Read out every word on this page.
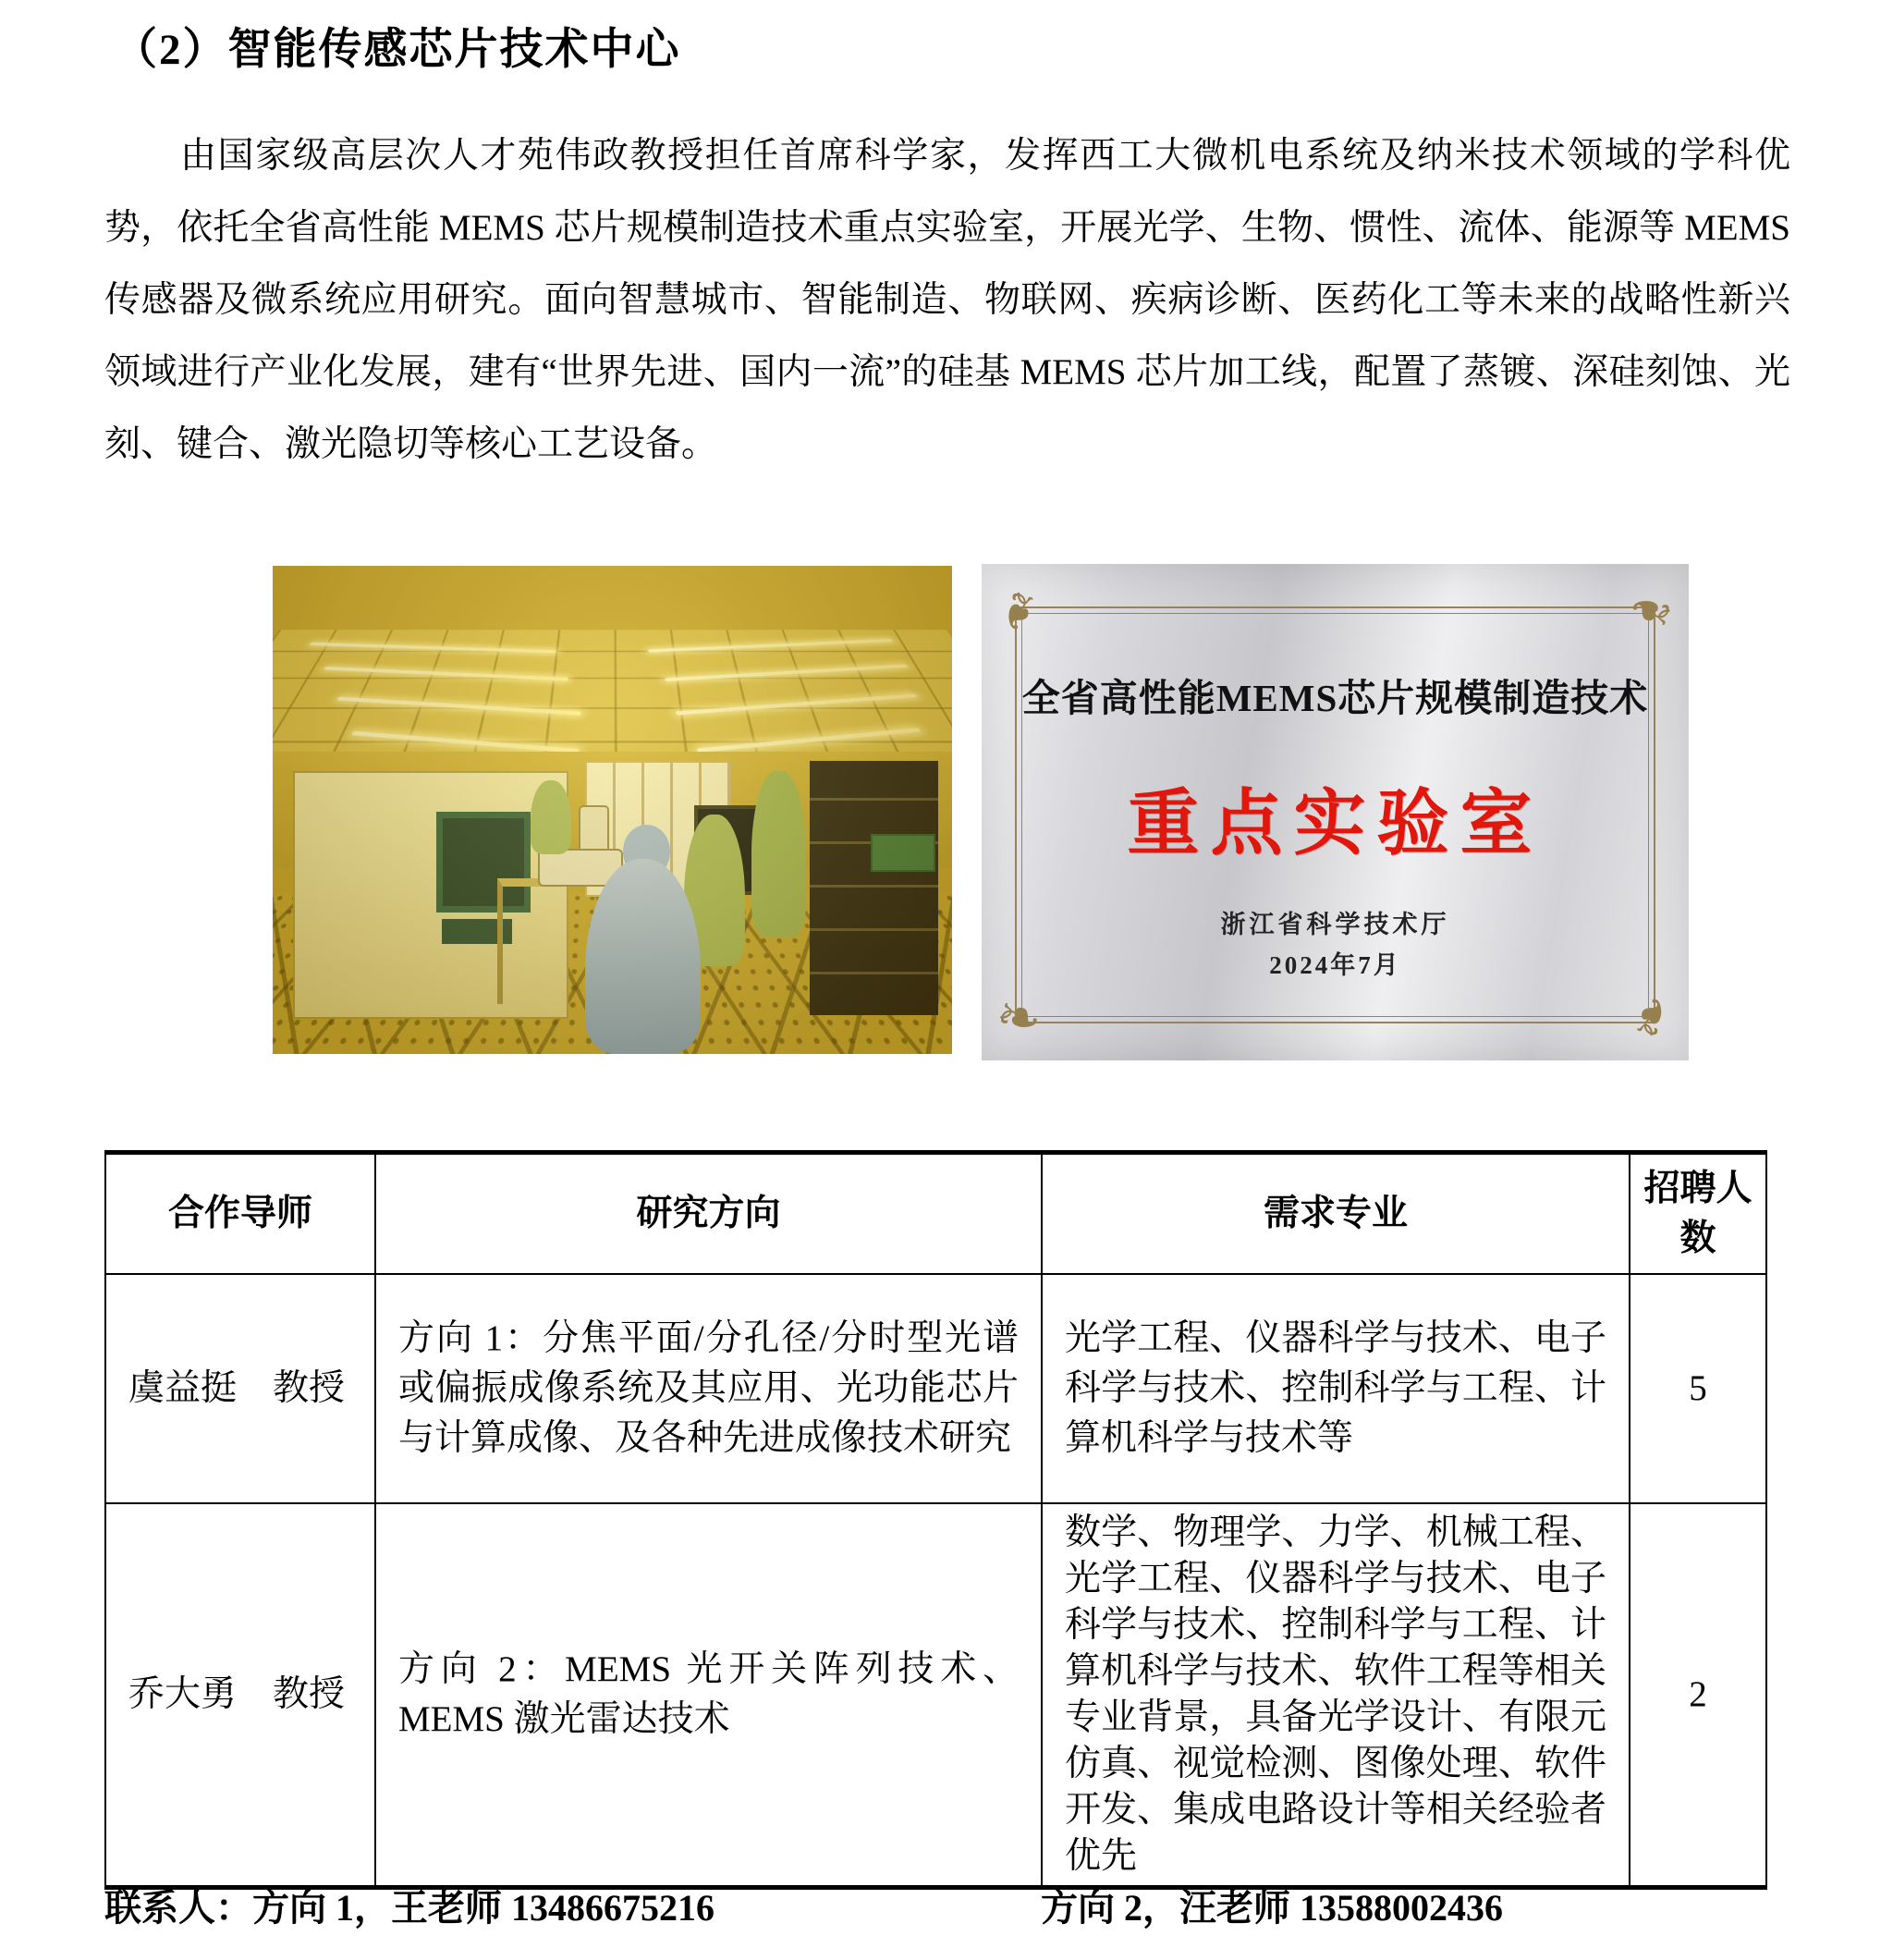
（2）智能传感芯片技术中心
由国家级高层次人才苑伟政教授担任首席科学家，发挥西工大微机电系统及纳米技术领域的学科优势，依托全省高性能 MEMS 芯片规模制造技术重点实验室，开展光学、生物、惯性、流体、能源等 MEMS 传感器及微系统应用研究。面向智慧城市、智能制造、物联网、疾病诊断、医药化工等未来的战略性新兴领域进行产业化发展，建有“世界先进、国内一流”的硅基 MEMS 芯片加工线，配置了蒸镀、深硅刻蚀、光刻、键合、激光隐切等核心工艺设备。
❧	❧
❧	❧
全省高性能MEMS芯片规模制造技术
重点实验室
浙江省科学技术厅
2024年7月
合作导师	研究方向	需求专业	招聘人数
虞益挺　教授	方向 1：分焦平面/分孔径/分时型光谱或偏振成像系统及其应用、光功能芯片与计算成像、及各种先进成像技术研究	光学工程、仪器科学与技术、电子科学与技术、控制科学与工程、计算机科学与技术等	5
乔大勇　教授	方向 2：MEMS 光开关阵列技术、MEMS 激光雷达技术	数学、物理学、力学、机械工程、光学工程、仪器科学与技术、电子科学与技术、控制科学与工程、计算机科学与技术、软件工程等相关专业背景，具备光学设计、有限元仿真、视觉检测、图像处理、软件开发、集成电路设计等相关经验者优先	2
联系人：方向 1，王老师 13486675216	方向 2，汪老师 13588002436
